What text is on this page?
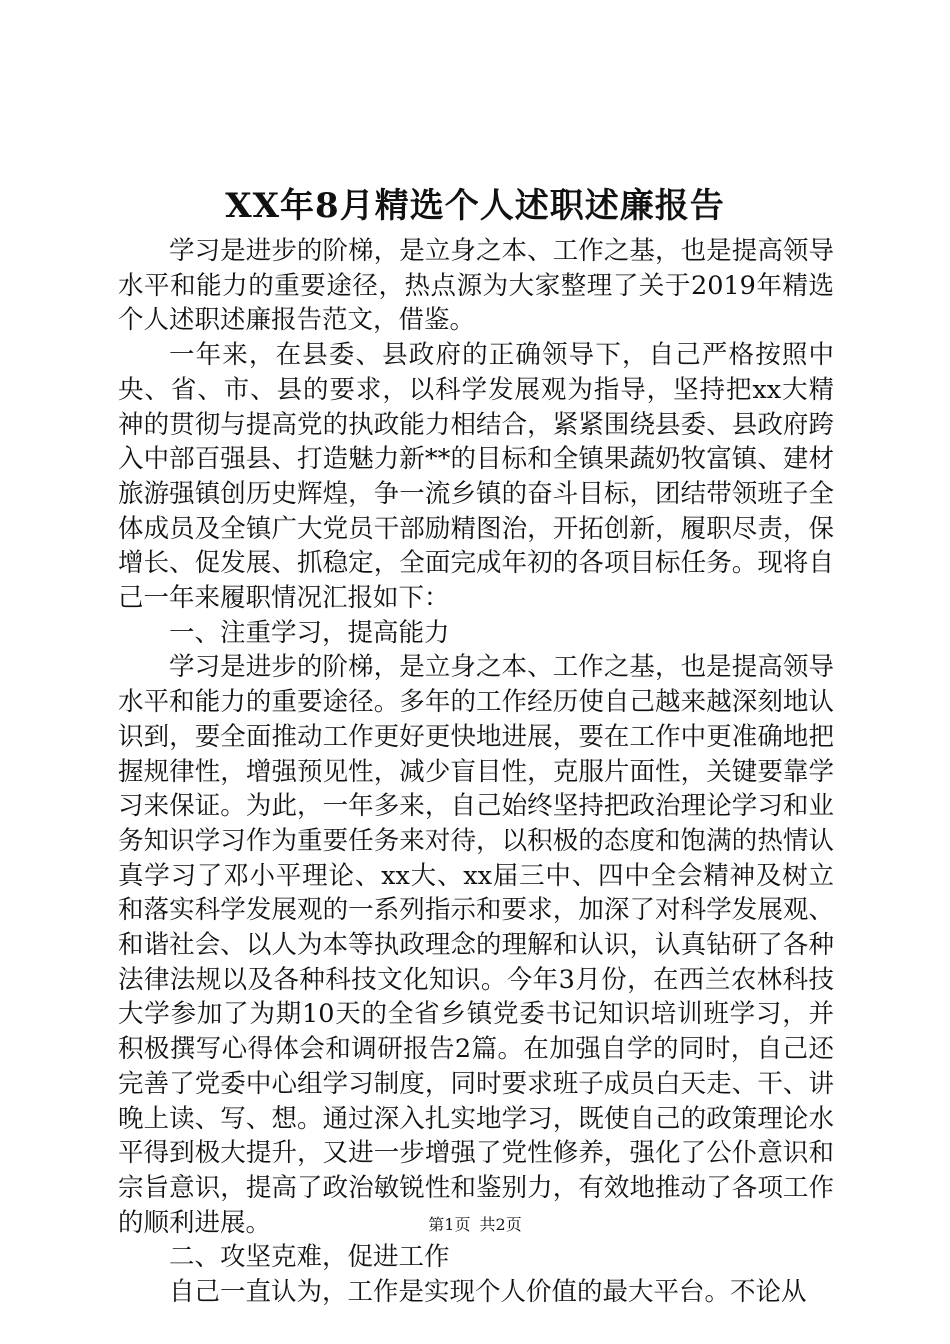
XX年8月精选个人述职述廉报告

学习是进步的阶梯，是立身之本、工作之基，也是提高领导水平和能力的重要途径，热点源为大家整理了关于2019年精选个人述职述廉报告范文，借鉴。

一年来，在县委、县政府的正确领导下，自己严格按照中央、省、市、县的要求，以科学发展观为指导，坚持把xx大精神的贯彻与提高党的执政能力相结合，紧紧围绕县委、县政府跨入中部百强县、打造魅力新**的目标和全镇果蔬奶牧富镇、建材旅游强镇创历史辉煌，争一流乡镇的奋斗目标，团结带领班子全体成员及全镇广大党员干部励精图治，开拓创新，履职尽责，保增长、促发展、抓稳定，全面完成年初的各项目标任务。现将自己一年来履职情况汇报如下：

一、注重学习，提高能力

学习是进步的阶梯，是立身之本、工作之基，也是提高领导水平和能力的重要途径。多年的工作经历使自己越来越深刻地认识到，要全面推动工作更好更快地进展，要在工作中更准确地把握规律性，增强预见性，减少盲目性，克服片面性，关键要靠学习来保证。为此，一年多来，自己始终坚持把政治理论学习和业务知识学习作为重要任务来对待，以积极的态度和饱满的热情认真学习了邓小平理论、xx大、xx届三中、四中全会精神及树立和落实科学发展观的一系列指示和要求，加深了对科学发展观、和谐社会、以人为本等执政理念的理解和认识，认真钻研了各种法律法规以及各种科技文化知识。今年3月份，在西兰农林科技大学参加了为期10天的全省乡镇党委书记知识培训班学习，并积极撰写心得体会和调研报告2篇。在加强自学的同时，自己还完善了党委中心组学习制度，同时要求班子成员白天走、干、讲晚上读、写、想。通过深入扎实地学习，既使自己的政策理论水平得到极大提升，又进一步增强了党性修养，强化了公仆意识和宗旨意识，提高了政治敏锐性和鉴别力，有效地推动了各项工作的顺利进展。

二、攻坚克难，促进工作

自己一直认为，工作是实现个人价值的最大平台。不论从

第1页 共2页
